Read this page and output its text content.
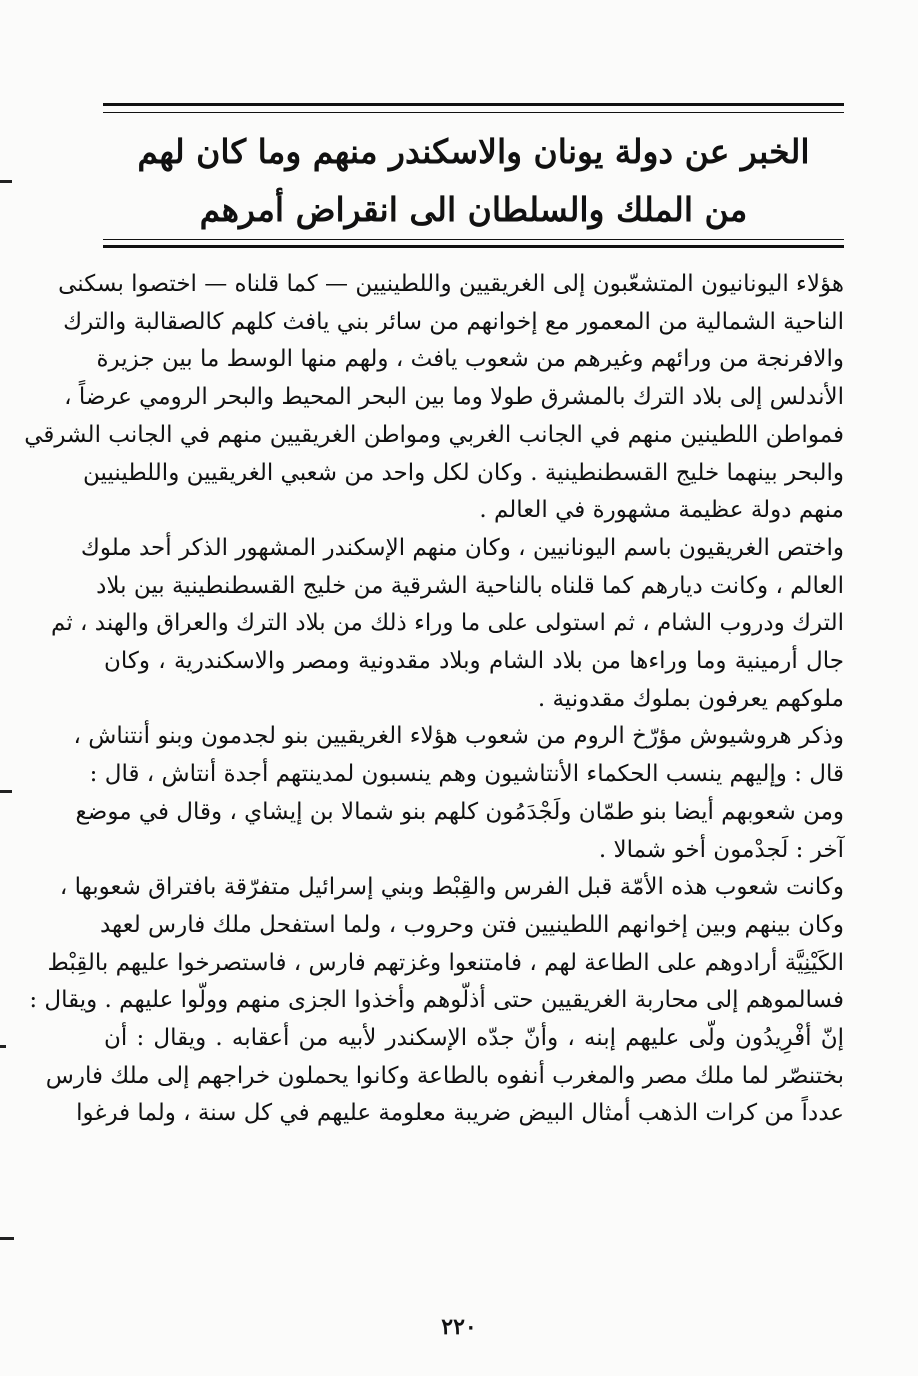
الخبر عن دولة يونان والاسكندر منهم وما كان لهم
من الملك والسلطان الى انقراض أمرهم

هؤلاء اليونانيون المتشعّبون إلى الغريقيين واللطينيين — كما قلناه — اختصوا بسكنى
الناحية الشمالية من المعمور مع إخوانهم من سائر بني يافث كلهم كالصقالبة والترك
والافرنجة من ورائهم وغيرهم من شعوب يافث ، ولهم منها الوسط ما بين جزيرة
الأندلس إلى بلاد الترك بالمشرق طولا وما بين البحر المحيط والبحر الرومي عرضاً ،
فمواطن اللطينين منهم في الجانب الغربي ومواطن الغريقيين منهم في الجانب الشرقي
والبحر بينهما خليج القسطنطينية . وكان لكل واحد من شعبي الغريقيين واللطينيين
منهم دولة عظيمة مشهورة في العالم .

واختص الغريقيون باسم اليونانيين ، وكان منهم الإسكندر المشهور الذكر أحد ملوك
العالم ، وكانت ديارهم كما قلناه بالناحية الشرقية من خليج القسطنطينية بين بلاد
الترك ودروب الشام ، ثم استولى على ما وراء ذلك من بلاد الترك والعراق والهند ، ثم
جال أرمينية وما وراءها من بلاد الشام وبلاد مقدونية ومصر والاسكندرية ، وكان
ملوكهم يعرفون بملوك مقدونية .

وذكر هروشيوش مؤرّخ الروم من شعوب هؤلاء الغريقيين بنو لجدمون وبنو أنتناش ،
قال : وإليهم ينسب الحكماء الأنتاشيون وهم ينسبون لمدينتهم أجدة أنتاش ، قال :
ومن شعوبهم أيضا بنو طمّان ولَجْدَمُون كلهم بنو شمالا بن إيشاي ، وقال في موضع
آخر : لَجدْمون أخو شمالا .

وكانت شعوب هذه الأمّة قبل الفرس والقِبْط وبني إسرائيل متفرّقة بافتراق شعوبها ،
وكان بينهم وبين إخوانهم اللطينيين فتن وحروب ، ولما استفحل ملك فارس لعهد
الكَيْنِيَّة أرادوهم على الطاعة لهم ، فامتنعوا وغزتهم فارس ، فاستصرخوا عليهم بالقِبْط
فسالموهم إلى محاربة الغريقيين حتى أذلّوهم وأخذوا الجزى منهم وولّوا عليهم . ويقال :
إنّ أفْرِيدُون ولّى عليهم إبنه ، وأنّ جدّه الإسكندر لأبيه من أعقابه . ويقال : أن
بختنصّر لما ملك مصر والمغرب أنفوه بالطاعة وكانوا يحملون خراجهم إلى ملك فارس
عدداً من كرات الذهب أمثال البيض ضريبة معلومة عليهم في كل سنة ، ولما فرغوا

٢٢٠
